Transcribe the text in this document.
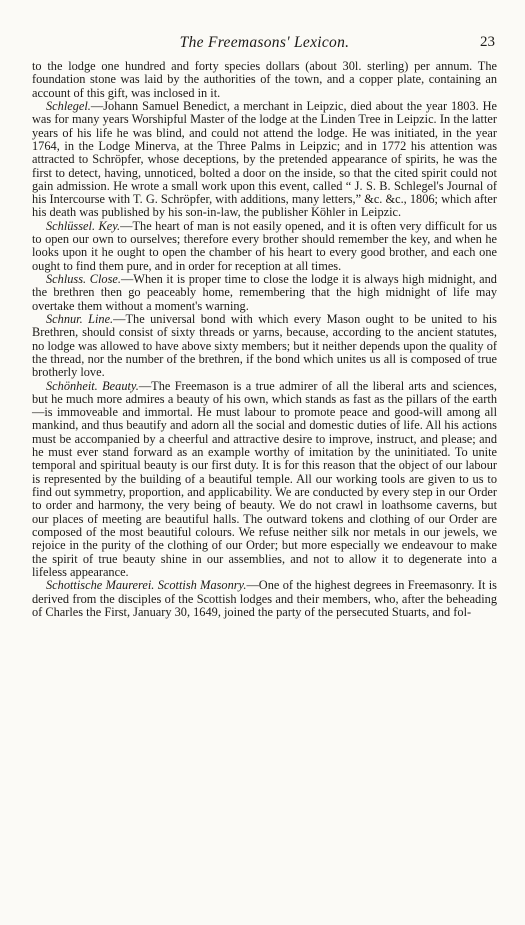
The Freemasons' Lexicon.	23

to the lodge one hundred and forty species dollars (about 30l. sterling) per annum. The foundation stone was laid by the authorities of the town, and a copper plate, containing an account of this gift, was inclosed in it.

Schlegel.—Johann Samuel Benedict, a merchant in Leipzic, died about the year 1803. He was for many years Worshipful Master of the lodge at the Linden Tree in Leipzic. In the latter years of his life he was blind, and could not attend the lodge. He was initiated, in the year 1764, in the Lodge Minerva, at the Three Palms in Leipzic; and in 1772 his attention was attracted to Schröpfer, whose deceptions, by the pretended appearance of spirits, he was the first to detect, having, unnoticed, bolted a door on the inside, so that the cited spirit could not gain admission. He wrote a small work upon this event, called “ J. S. B. Schlegel's Journal of his Intercourse with T. G. Schröpfer, with additions, many letters,” &c. &c., 1806; which after his death was published by his son-in-law, the publisher Köhler in Leipzic.

Schlüssel. Key.—The heart of man is not easily opened, and it is often very difficult for us to open our own to ourselves; therefore every brother should remember the key, and when he looks upon it he ought to open the chamber of his heart to every good brother, and each one ought to find them pure, and in order for reception at all times.

Schluss. Close.—When it is proper time to close the lodge it is always high midnight, and the brethren then go peaceably home, remembering that the high midnight of life may overtake them without a moment's warning.

Schnur. Line.—The universal bond with which every Mason ought to be united to his Brethren, should consist of sixty threads or yarns, because, according to the ancient statutes, no lodge was allowed to have above sixty members; but it neither depends upon the quality of the thread, nor the number of the brethren, if the bond which unites us all is composed of true brotherly love.

Schönheit. Beauty.—The Freemason is a true admirer of all the liberal arts and sciences, but he much more admires a beauty of his own, which stands as fast as the pillars of the earth—is immoveable and immortal. He must labour to promote peace and good-will among all mankind, and thus beautify and adorn all the social and domestic duties of life. All his actions must be accompanied by a cheerful and attractive desire to improve, instruct, and please; and he must ever stand forward as an example worthy of imitation by the uninitiated. To unite temporal and spiritual beauty is our first duty. It is for this reason that the object of our labour is represented by the building of a beautiful temple. All our working tools are given to us to find out symmetry, proportion, and applicability. We are conducted by every step in our Order to order and harmony, the very being of beauty. We do not crawl in loathsome caverns, but our places of meeting are beautiful halls. The outward tokens and clothing of our Order are composed of the most beautiful colours. We refuse neither silk nor metals in our jewels, we rejoice in the purity of the clothing of our Order; but more especially we endeavour to make the spirit of true beauty shine in our assemblies, and not to allow it to degenerate into a lifeless appearance.

Schottische Maurerei. Scottish Masonry.—One of the highest degrees in Freemasonry. It is derived from the disciples of the Scottish lodges and their members, who, after the beheading of Charles the First, January 30, 1649, joined the party of the persecuted Stuarts, and fol-
